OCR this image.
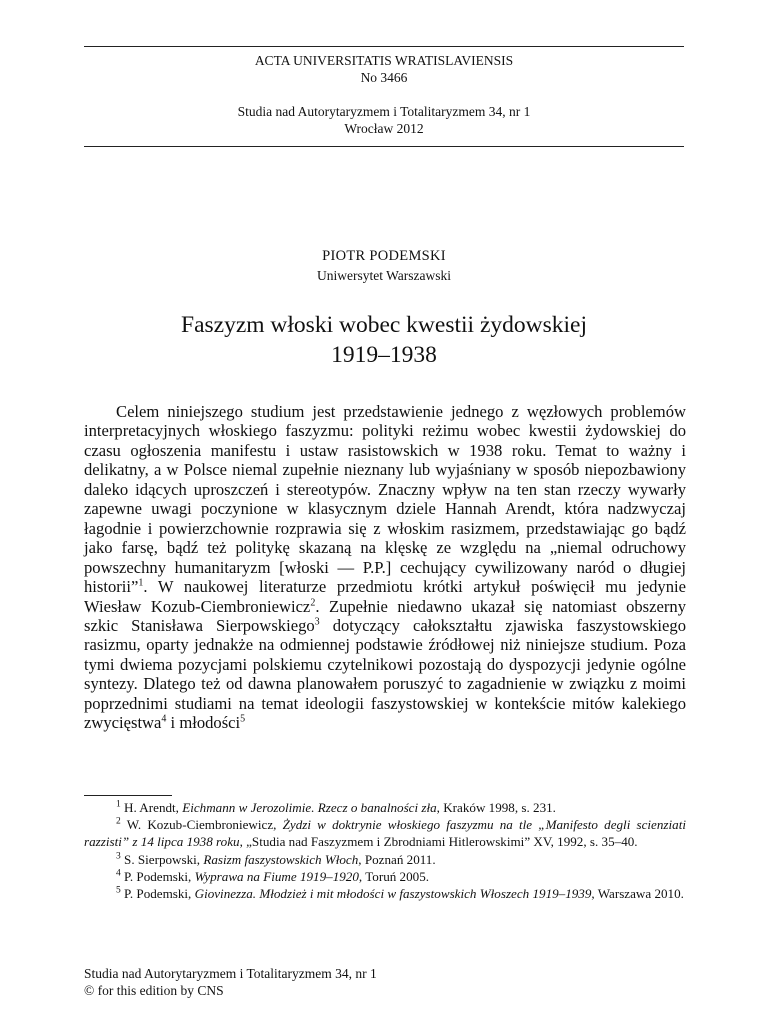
ACTA UNIVERSITATIS WRATISLAVIENSIS
No 3466
Studia nad Autorytaryzmem i Totalitaryzmem 34, nr 1
Wrocław 2012
PIOTR PODEMSKI
Uniwersytet Warszawski
Faszyzm włoski wobec kwestii żydowskiej
1919–1938

Celem niniejszego studium jest przedstawienie jednego z węzłowych problemów interpretacyjnych włoskiego faszyzmu: polityki reżimu wobec kwestii żydowskiej do czasu ogłoszenia manifestu i ustaw rasistowskich w 1938 roku. Temat to ważny i delikatny, a w Polsce niemal zupełnie nieznany lub wyjaśniany w sposób niepozbawiony daleko idących uproszczeń i stereotypów. Znaczny wpływ na ten stan rzeczy wywarły zapewne uwagi poczynione w klasycznym dziele Hannah Arendt, która nadzwyczaj łagodnie i powierzchownie rozprawia się z włoskim rasizmem, przedstawiając go bądź jako farsę, bądź też politykę skazaną na klęskę ze względu na „niemal odruchowy powszechny humanitaryzm [włoski — P.P.] cechujący cywilizowany naród o długiej historii”$^1$. W naukowej literaturze przedmiotu krótki artykuł poświęcił mu jedynie Wiesław Kozub-Ciembroniewicz$^2$. Zupełnie niedawno ukazał się natomiast obszerny szkic Stanisława Sierpowskiego$^3$ dotyczący całokształtu zjawiska faszystowskiego rasizmu, oparty jednakże na odmiennej podstawie źródłowej niż niniejsze studium. Poza tymi dwiema pozycjami polskiemu czytelnikowi pozostają do dyspozycji jedynie ogólne syntezy. Dlatego też od dawna planowałem poruszyć to zagadnienie w związku z moimi poprzednimi studiami na temat ideologii faszystowskiej w kontekście mitów kalekiego zwycięstwa$^4$ i młodości$^5$

$^1$ H. Arendt, Eichmann w Jerozolimie. Rzecz o banalności zła, Kraków 1998, s. 231.

$^2$ W. Kozub-Ciembroniewicz, Żydzi w doktrynie włoskiego faszyzmu na tle „Manifesto degli scienziati razzisti” z 14 lipca 1938 roku, „Studia nad Faszyzmem i Zbrodniami Hitlerowskimi” XV, 1992, s. 35–40.

$^3$ S. Sierpowski, Rasizm faszystowskich Włoch, Poznań 2011.

$^4$ P. Podemski, Wyprawa na Fiume 1919–1920, Toruń 2005.

$^5$ P. Podemski, Giovinezza. Młodzież i mit młodości w faszystowskich Włoszech 1919–1939, Warszawa 2010.

Studia nad Autorytaryzmem i Totalitaryzmem 34, nr 1
© for this edition by CNS
